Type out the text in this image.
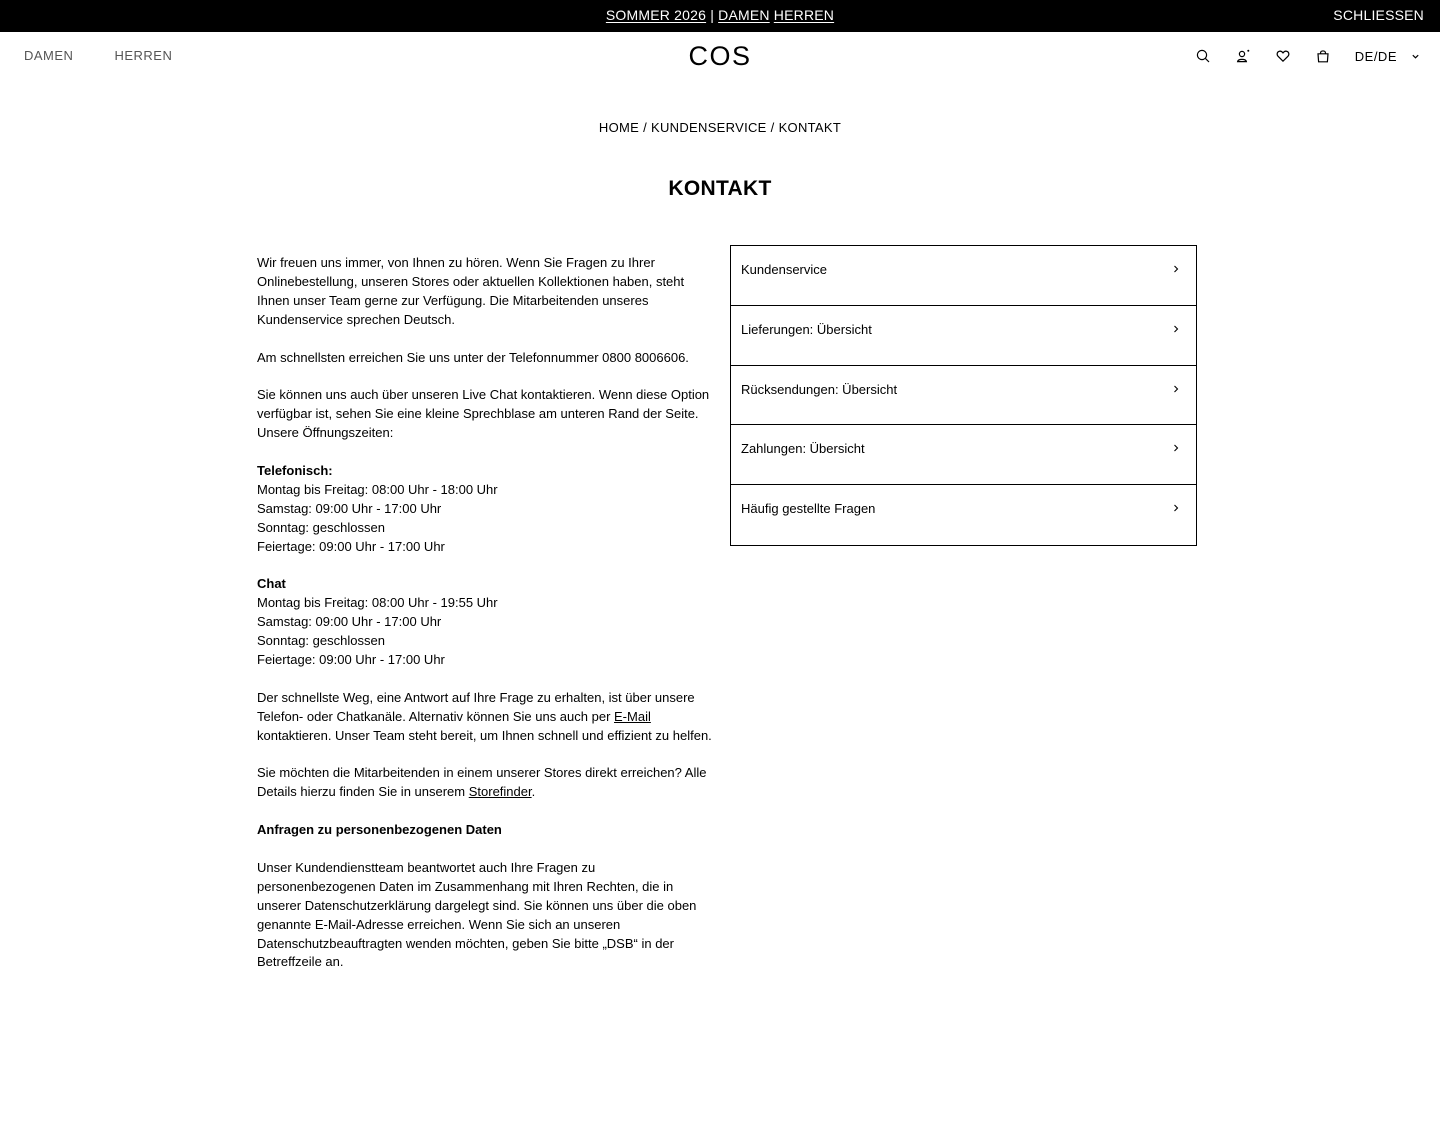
SOMMER 2026 | DAMEN HERREN	SCHLIESSEN
DAMEN	HERREN	COS	DE/DE
HOME / KUNDENSERVICE / KONTAKT
KONTAKT

Wir freuen uns immer, von Ihnen zu hören. Wenn Sie Fragen zu Ihrer Onlinebestellung, unseren Stores oder aktuellen Kollektionen haben, steht Ihnen unser Team gerne zur Verfügung. Die Mitarbeitenden unseres Kundenservice sprechen Deutsch.

Am schnellsten erreichen Sie uns unter der Telefonnummer 0800 8006606.

Sie können uns auch über unseren Live Chat kontaktieren. Wenn diese Option verfügbar ist, sehen Sie eine kleine Sprechblase am unteren Rand der Seite.

Unsere Öffnungszeiten:

Telefonisch:
Montag bis Freitag: 08:00 Uhr - 18:00 Uhr
Samstag: 09:00 Uhr - 17:00 Uhr
Sonntag: geschlossen
Feiertage: 09:00 Uhr - 17:00 Uhr

Chat
Montag bis Freitag: 08:00 Uhr - 19:55 Uhr
Samstag: 09:00 Uhr - 17:00 Uhr
Sonntag: geschlossen
Feiertage: 09:00 Uhr - 17:00 Uhr

Der schnellste Weg, eine Antwort auf Ihre Frage zu erhalten, ist über unsere Telefon- oder Chatkanäle. Alternativ können Sie uns auch per E-Mail kontaktieren. Unser Team steht bereit, um Ihnen schnell und effizient zu helfen.

Sie möchten die Mitarbeitenden in einem unserer Stores direkt erreichen? Alle Details hierzu finden Sie in unserem Storefinder.

Anfragen zu personenbezogenen Daten

Unser Kundendienstteam beantwortet auch Ihre Fragen zu personenbezogenen Daten im Zusammenhang mit Ihren Rechten, die in unserer Datenschutzerklärung dargelegt sind. Sie können uns über die oben genannte E-Mail-Adresse erreichen. Wenn Sie sich an unseren Datenschutzbeauftragten wenden möchten, geben Sie bitte „DSB“ in der Betreffzeile an.

Kundenservice
Lieferungen: Übersicht
Rücksendungen: Übersicht
Zahlungen: Übersicht
Häufig gestellte Fragen
